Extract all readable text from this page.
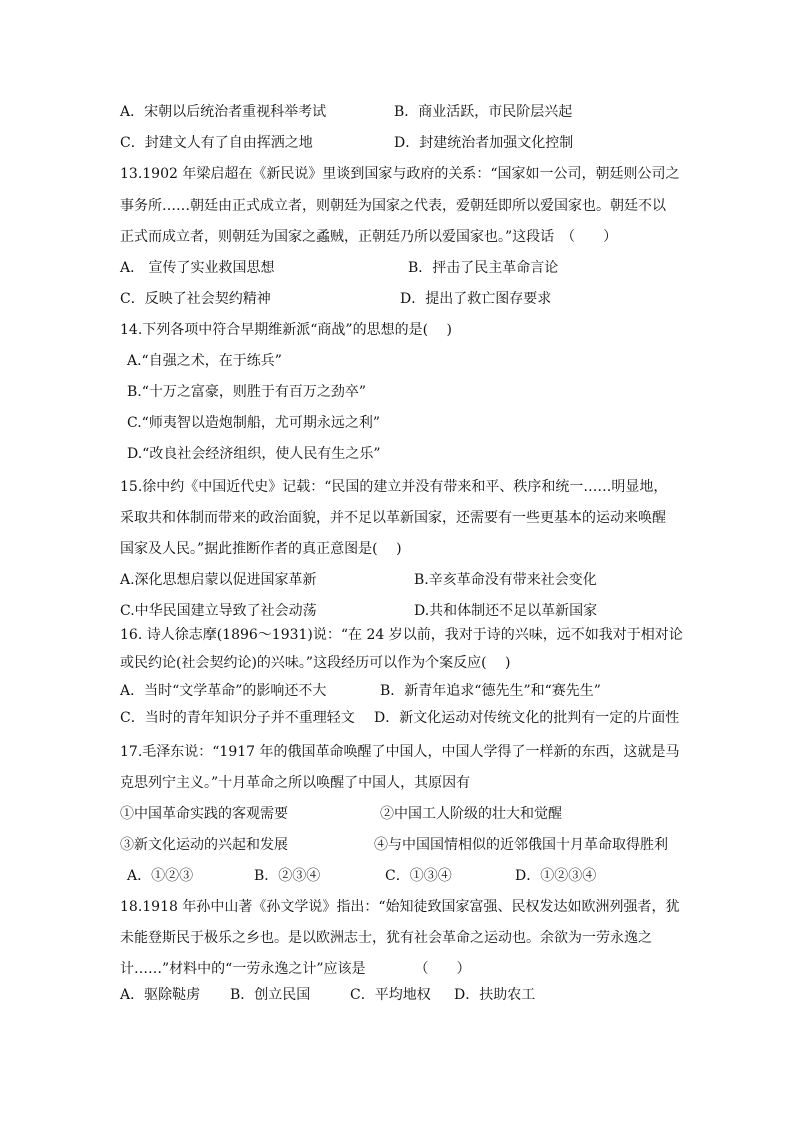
A．宋朝以后统治者重视科举考试	B．商业活跃，市民阶层兴起
C．封建文人有了自由挥洒之地	D．封建统治者加强文化控制
13.1902 年梁启超在《新民说》里谈到国家与政府的关系：“国家如一公司，朝廷则公司之
事务所……朝廷由正式成立者，则朝廷为国家之代表，爱朝廷即所以爱国家也。朝廷不以
正式而成立者，则朝廷为国家之蟊贼，正朝廷乃所以爱国家也。”这段话　（　　）
A． 宣传了实业救国思想	B．抨击了民主革命言论
C．反映了社会契约精神	D．提出了救亡图存要求
14.下列各项中符合早期维新派“商战”的思想的是(　 )
A.“自强之术，在于练兵”
B.“十万之富豪，则胜于有百万之劲卒”
C.“师夷智以造炮制船，尤可期永远之利”
D.“改良社会经济组织，使人民有生之乐”
15.徐中约《中国近代史》记载：“民国的建立并没有带来和平、秩序和统一……明显地，
采取共和体制而带来的政治面貌，并不足以革新国家，还需要有一些更基本的运动来唤醒
国家及人民。”据此推断作者的真正意图是(　 )
A.深化思想启蒙以促进国家革新	B.辛亥革命没有带来社会变化
C.中华民国建立导致了社会动荡	D.共和体制还不足以革新国家
16. 诗人徐志摩(1896～1931)说：“在 24 岁以前，我对于诗的兴味，远不如我对于相对论
或民约论(社会契约论)的兴味。”这段经历可以作为个案反应(　 )
A．当时“文学革命”的影响还不大	B．新青年追求“德先生”和“赛先生”
C．当时的青年知识分子并不重理轻文 D．新文化运动对传统文化的批判有一定的片面性
17.毛泽东说：“1917 年的俄国革命唤醒了中国人，中国人学得了一样新的东西，这就是马
克思列宁主义。”十月革命之所以唤醒了中国人，其原因有
①中国革命实践的客观需要	②中国工人阶级的壮大和觉醒
③新文化运动的兴起和发展	④与中国国情相似的近邻俄国十月革命取得胜利
A．①②③	B．②③④	C．①③④	D．①②③④
18.1918 年孙中山著《孙文学说》指出：“始知徒致国家富强、民权发达如欧洲列强者，犹
未能登斯民于极乐之乡也。是以欧洲志士，犹有社会革命之运动也。余欲为一劳永逸之
计……”材料中的“一劳永逸之计”应该是　　　　（　　）
A．驱除鞑虏 B．创立民国	C．平均地权 D．扶助农工
